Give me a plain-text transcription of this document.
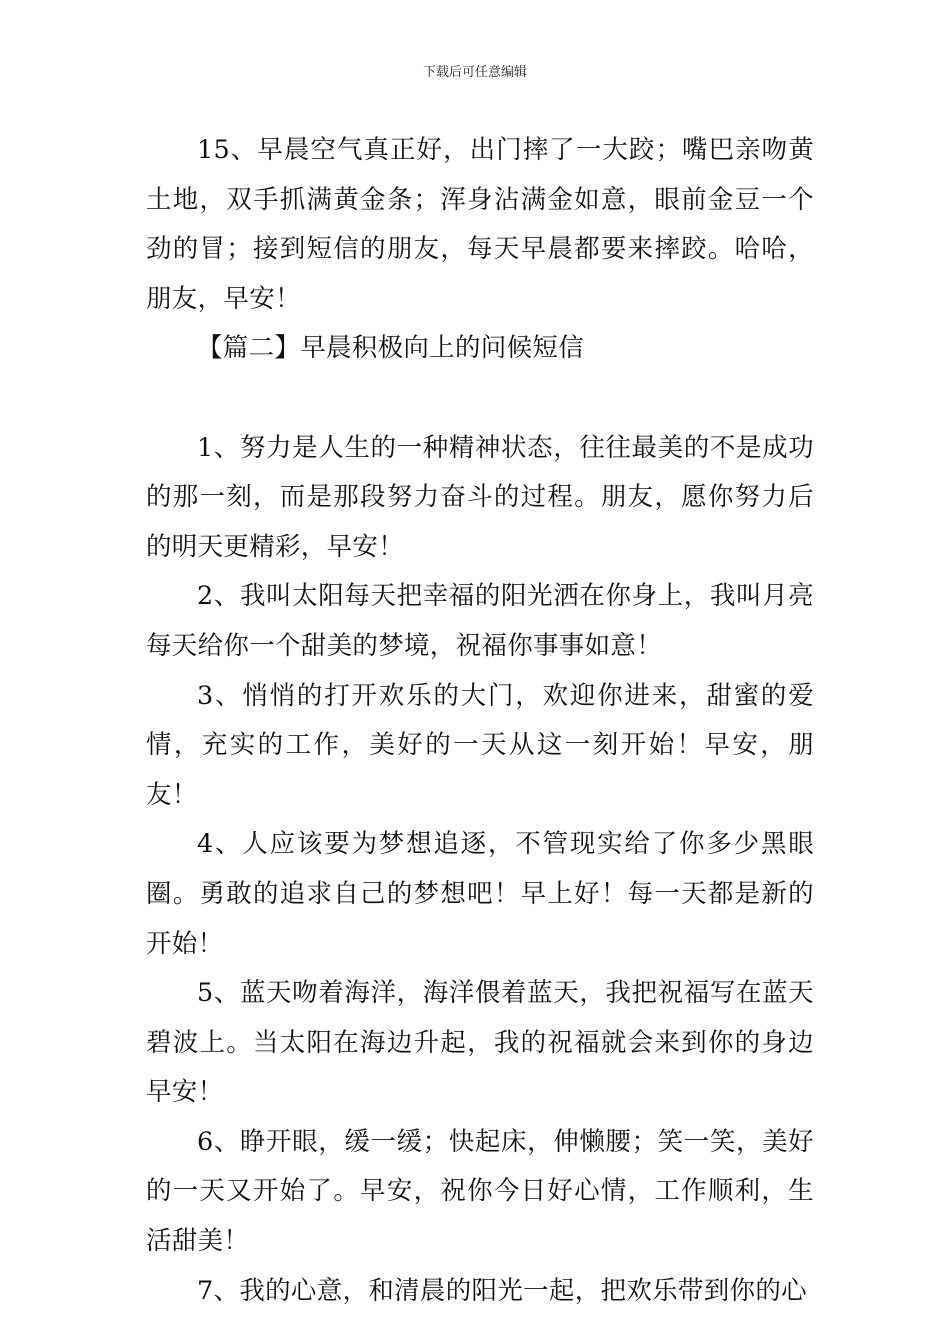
下载后可任意编辑

15、早晨空气真正好，出门摔了一大跤；嘴巴亲吻黄土地，双手抓满黄金条；浑身沾满金如意，眼前金豆一个劲的冒；接到短信的朋友，每天早晨都要来摔跤。哈哈，朋友，早安！

【篇二】早晨积极向上的问候短信

1、努力是人生的一种精神状态，往往最美的不是成功的那一刻，而是那段努力奋斗的过程。朋友，愿你努力后的明天更精彩，早安！

2、我叫太阳每天把幸福的阳光洒在你身上，我叫月亮每天给你一个甜美的梦境，祝福你事事如意！

3、悄悄的打开欢乐的大门，欢迎你进来，甜蜜的爱情，充实的工作，美好的一天从这一刻开始！早安，朋友！

4、人应该要为梦想追逐，不管现实给了你多少黑眼圈。勇敢的追求自己的梦想吧！早上好！每一天都是新的开始！

5、蓝天吻着海洋，海洋偎着蓝天，我把祝福写在蓝天碧波上。当太阳在海边升起，我的祝福就会来到你的身边早安！

6、睁开眼，缓一缓；快起床，伸懒腰；笑一笑，美好的一天又开始了。早安，祝你今日好心情，工作顺利，生活甜美！

7、我的心意，和清晨的阳光一起，把欢乐带到你的心
